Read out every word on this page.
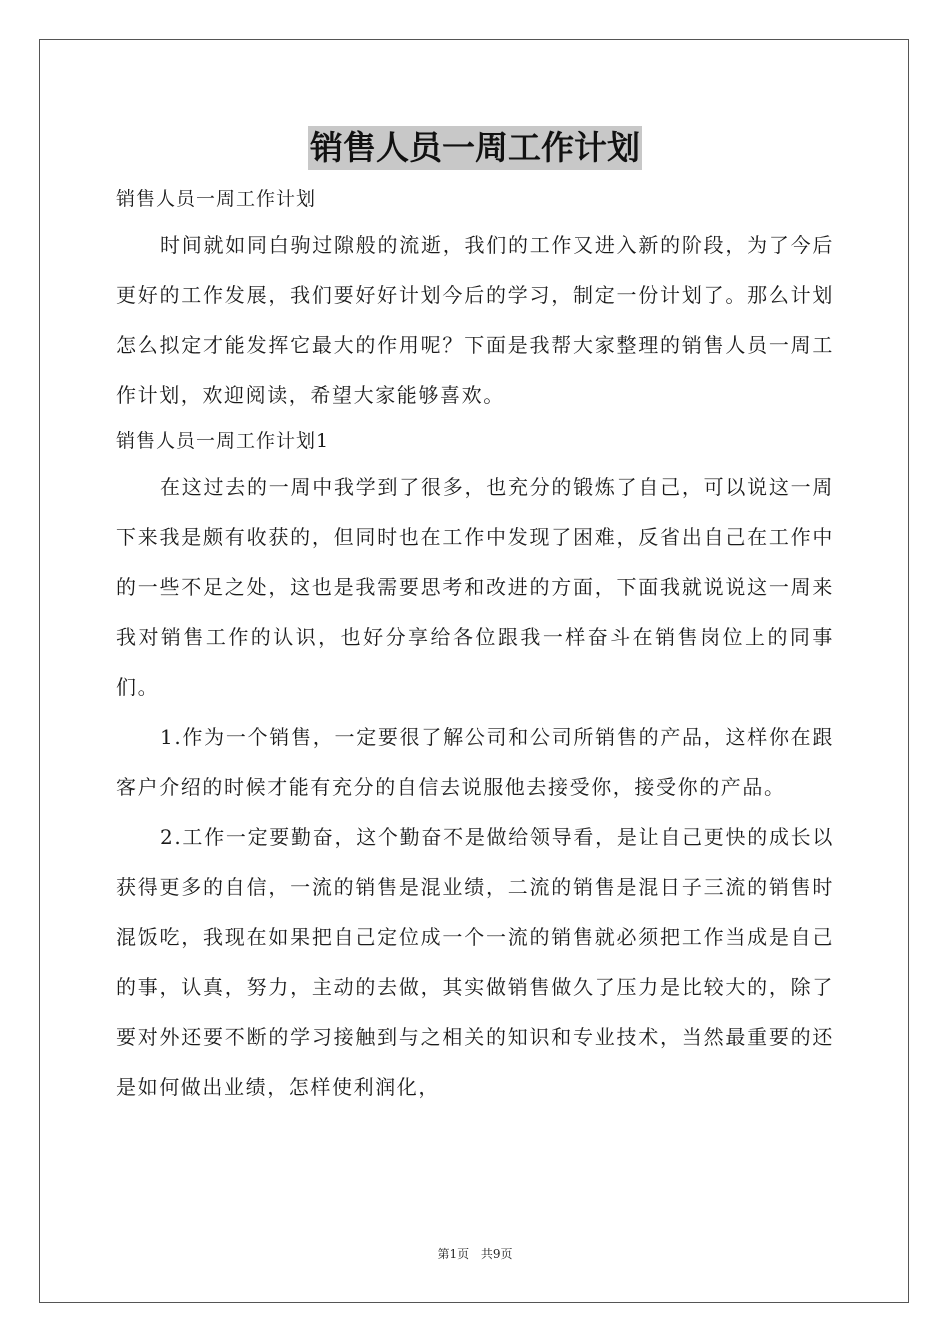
销售人员一周工作计划

销售人员一周工作计划

时间就如同白驹过隙般的流逝，我们的工作又进入新的阶段，为了今后更好的工作发展，我们要好好计划今后的学习，制定一份计划了。那么计划怎么拟定才能发挥它最大的作用呢？下面是我帮大家整理的销售人员一周工作计划，欢迎阅读，希望大家能够喜欢。

销售人员一周工作计划1

在这过去的一周中我学到了很多，也充分的锻炼了自己，可以说这一周下来我是颇有收获的，但同时也在工作中发现了困难，反省出自己在工作中的一些不足之处，这也是我需要思考和改进的方面，下面我就说说这一周来我对销售工作的认识，也好分享给各位跟我一样奋斗在销售岗位上的同事们。

1.作为一个销售，一定要很了解公司和公司所销售的产品，这样你在跟客户介绍的时候才能有充分的自信去说服他去接受你，接受你的产品。

2.工作一定要勤奋，这个勤奋不是做给领导看，是让自己更快的成长以获得更多的自信，一流的销售是混业绩，二流的销售是混日子三流的销售时混饭吃，我现在如果把自己定位成一个一流的销售就必须把工作当成是自己的事，认真，努力，主动的去做，其实做销售做久了压力是比较大的，除了要对外还要不断的学习接触到与之相关的知识和专业技术，当然最重要的还是如何做出业绩，怎样使利润化，

第1页 共9页
